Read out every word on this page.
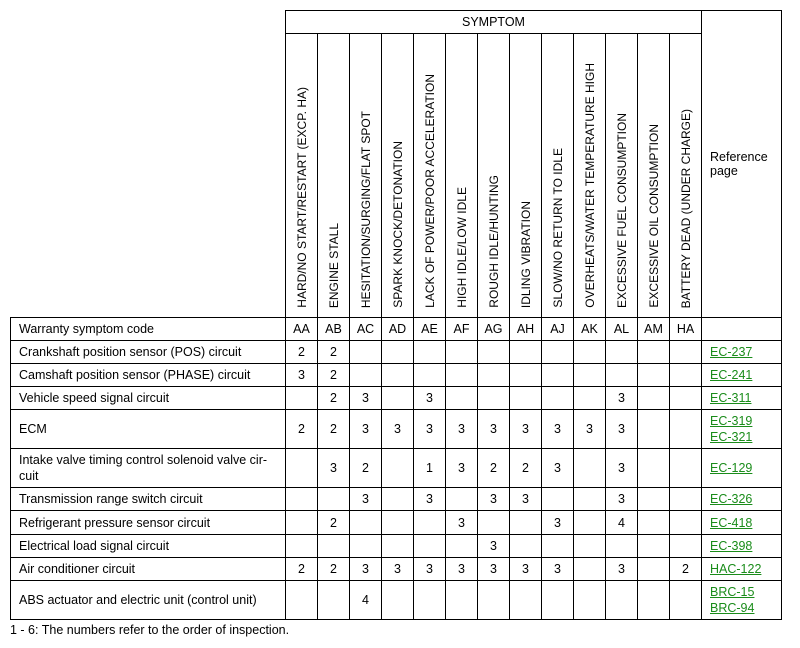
	SYMPTOM													Reference page
	HARD/NO START/RESTART (EXCP. HA)	ENGINE STALL	HESITATION/SURGING/FLAT SPOT	SPARK KNOCK/DETONATION	LACK OF POWER/POOR ACCELERATION	HIGH IDLE/LOW IDLE	ROUGH IDLE/HUNTING	IDLING VIBRATION	SLOW/NO RETURN TO IDLE	OVERHEATS/WATER TEMPERATURE HIGH	EXCESSIVE FUEL CONSUMPTION	EXCESSIVE OIL CONSUMPTION	BATTERY DEAD (UNDER CHARGE)	
Warranty symptom code	AA	AB	AC	AD	AE	AF	AG	AH	AJ	AK	AL	AM	HA	
Crankshaft position sensor (POS) circuit	2	2												EC-237

Camshaft position sensor (PHASE) circuit	3	2												EC-241

Vehicle speed signal circuit		2	3		3						3			EC-311

ECM	2	2	3	3	3	3	3	3	3	3	3			EC-319
EC-321

Intake valve timing control solenoid valve cir-cuit		3	2		1	3	2	2	3		3			EC-129

Transmission range switch circuit			3		3		3	3			3			EC-326

Refrigerant pressure sensor circuit		2				3			3		4			EC-418

Electrical load signal circuit							3							EC-398

Air conditioner circuit	2	2	3	3	3	3	3	3	3		3		2	HAC-122

ABS actuator and electric unit (control unit)			4											BRC-15
BRC-94
1 - 6: The numbers refer to the order of inspection.
